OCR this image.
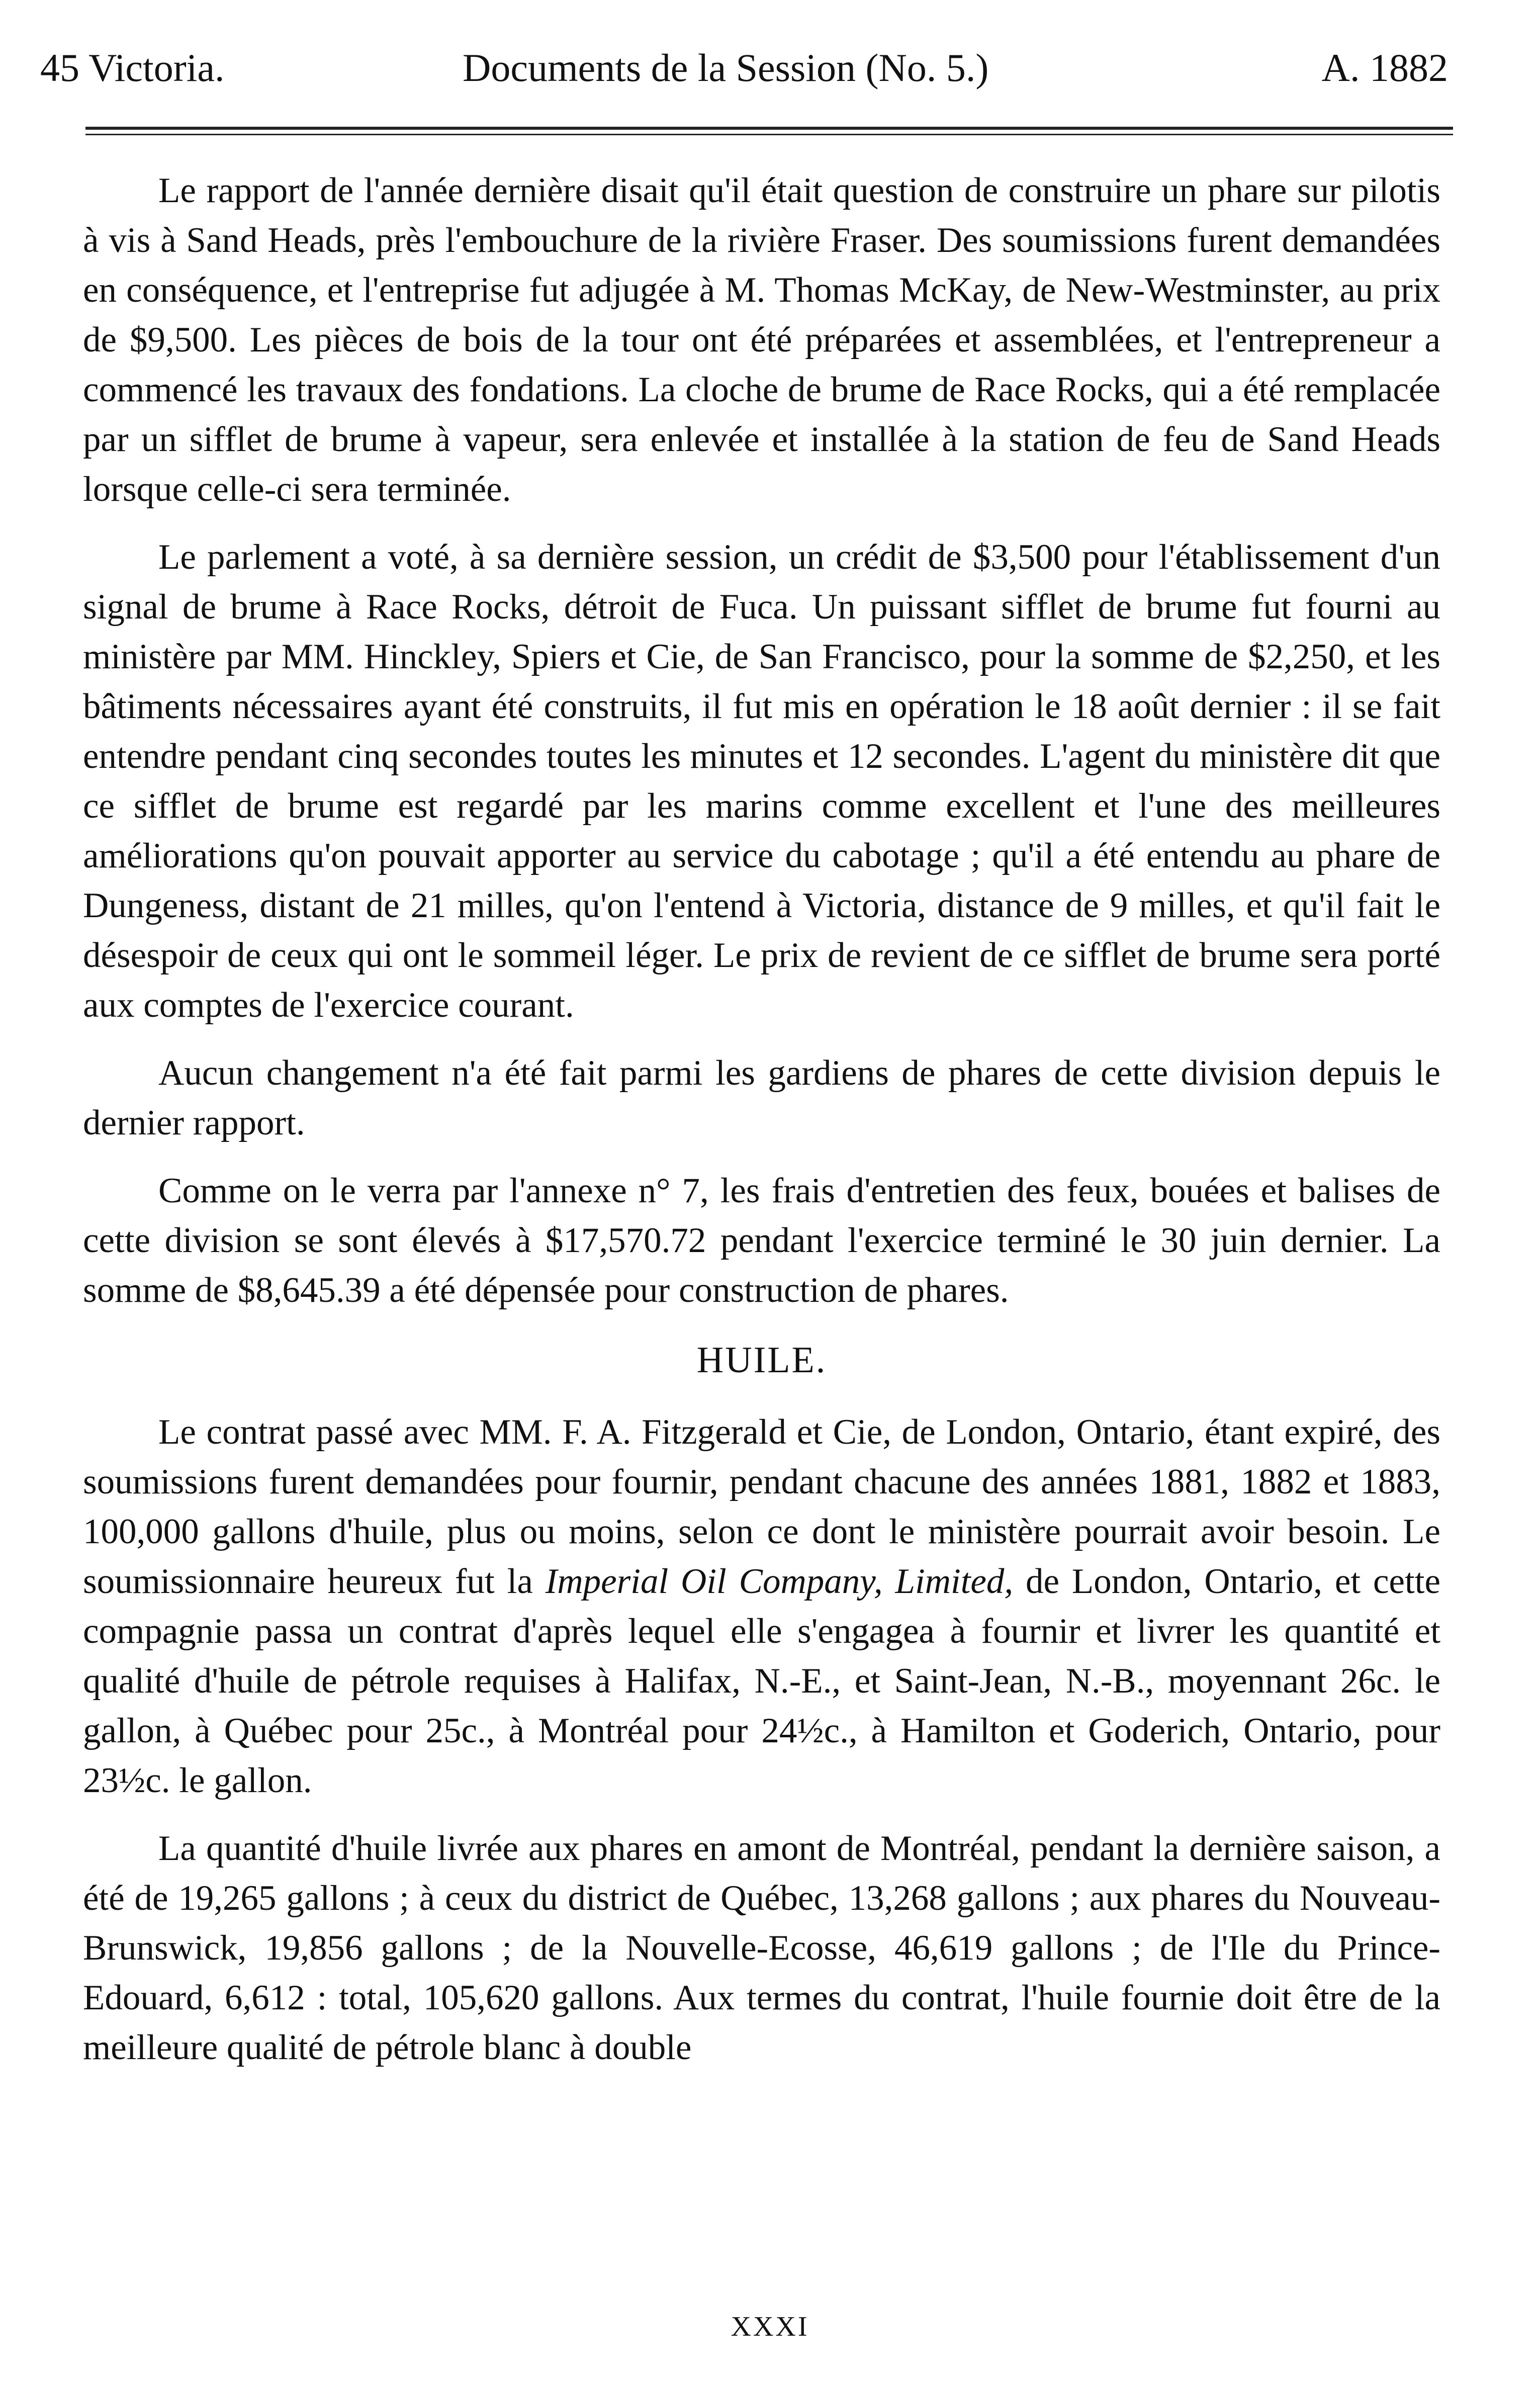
45 Victoria.	Documents de la Session (No. 5.)	A. 1882

Le rapport de l'année dernière disait qu'il était question de construire un phare sur pilotis à vis à Sand Heads, près l'embouchure de la rivière Fraser. Des soumissions furent demandées en conséquence, et l'entreprise fut adjugée à M. Thomas McKay, de New-Westminster, au prix de $9,500. Les pièces de bois de la tour ont été préparées et assemblées, et l'entrepreneur a commencé les travaux des fondations. La cloche de brume de Race Rocks, qui a été remplacée par un sifflet de brume à vapeur, sera enlevée et installée à la station de feu de Sand Heads lorsque celle-ci sera terminée.

Le parlement a voté, à sa dernière session, un crédit de $3,500 pour l'établissement d'un signal de brume à Race Rocks, détroit de Fuca. Un puissant sifflet de brume fut fourni au ministère par MM. Hinckley, Spiers et Cie, de San Francisco, pour la somme de $2,250, et les bâtiments nécessaires ayant été construits, il fut mis en opération le 18 août dernier : il se fait entendre pendant cinq secondes toutes les minutes et 12 secondes. L'agent du ministère dit que ce sifflet de brume est regardé par les marins comme excellent et l'une des meilleures améliorations qu'on pouvait apporter au service du cabotage ; qu'il a été entendu au phare de Dungeness, distant de 21 milles, qu'on l'entend à Victoria, distance de 9 milles, et qu'il fait le désespoir de ceux qui ont le sommeil léger. Le prix de revient de ce sifflet de brume sera porté aux comptes de l'exercice courant.

Aucun changement n'a été fait parmi les gardiens de phares de cette division depuis le dernier rapport.

Comme on le verra par l'annexe n° 7, les frais d'entretien des feux, bouées et balises de cette division se sont élevés à $17,570.72 pendant l'exercice terminé le 30 juin dernier. La somme de $8,645.39 a été dépensée pour construction de phares.

HUILE.

Le contrat passé avec MM. F. A. Fitzgerald et Cie, de London, Ontario, étant expiré, des soumissions furent demandées pour fournir, pendant chacune des années 1881, 1882 et 1883, 100,000 gallons d'huile, plus ou moins, selon ce dont le ministère pourrait avoir besoin. Le soumissionnaire heureux fut la Imperial Oil Company, Limited, de London, Ontario, et cette compagnie passa un contrat d'après lequel elle s'engagea à fournir et livrer les quantité et qualité d'huile de pétrole requises à Halifax, N.-E., et Saint-Jean, N.-B., moyennant 26c. le gallon, à Québec pour 25c., à Montréal pour 24½c., à Hamilton et Goderich, Ontario, pour 23½c. le gallon.

La quantité d'huile livrée aux phares en amont de Montréal, pendant la dernière saison, a été de 19,265 gallons ; à ceux du district de Québec, 13,268 gallons ; aux phares du Nouveau-Brunswick, 19,856 gallons ; de la Nouvelle-Ecosse, 46,619 gallons ; de l'Ile du Prince-Edouard, 6,612 : total, 105,620 gallons. Aux termes du contrat, l'huile fournie doit être de la meilleure qualité de pétrole blanc à double

XXXI
